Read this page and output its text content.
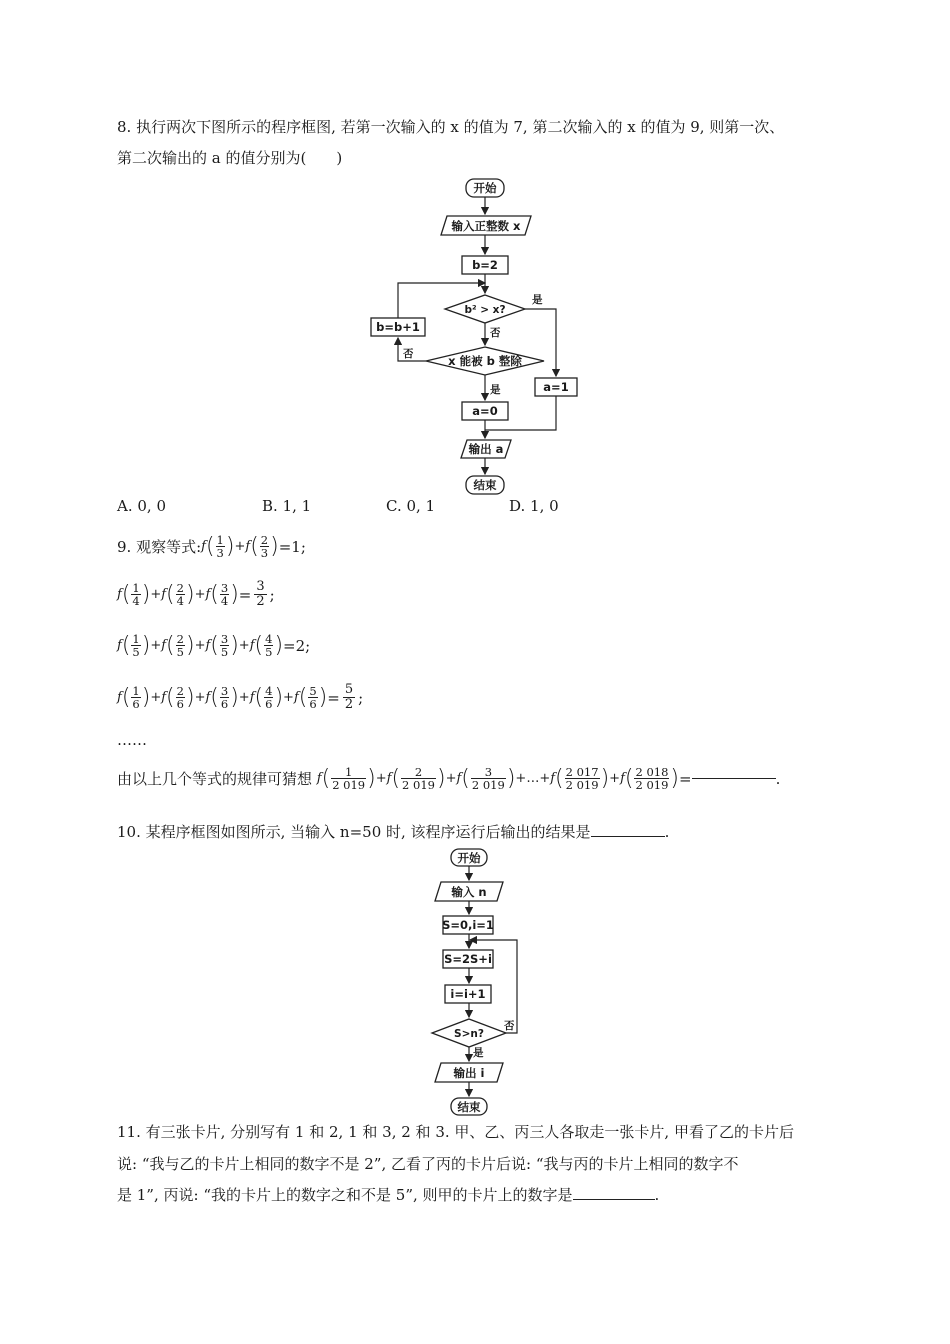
8. 执行两次下图所示的程序框图, 若第一次输入的 x 的值为 7, 第二次输入的 x 的值为 9, 则第一次、
第二次输出的 a 的值分别为(　　)
开始
输入正整数 x
b=2
b² > x?
是
否
x 能被 b 整除
否
b=b+1
是
a=0
a=1
输出 a
结束
A. 0, 0	B. 1, 1	C. 0, 1	D. 1, 0
9. 观察等式: f ( $\frac{1}{3}$ ) + f ( $\frac{2}{3}$ ) =1;
f ( $\frac{1}{4}$ ) + f ( $\frac{2}{4}$ ) + f ( $\frac{3}{4}$ ) = $\frac{3}{2}$ ;
f ( $\frac{1}{5}$ ) + f ( $\frac{2}{5}$ ) + f ( $\frac{3}{5}$ ) + f ( $\frac{4}{5}$ ) =2;
f ( $\frac{1}{6}$ ) + f ( $\frac{2}{6}$ ) + f ( $\frac{3}{6}$ ) + f ( $\frac{4}{6}$ ) + f ( $\frac{5}{6}$ ) = $\frac{5}{2}$ ;
……
由以上几个等式的规律可猜想
f ( $\frac{1}{2 019}$ ) + f ( $\frac{2}{2 019}$ ) + f ( $\frac{3}{2 019}$ ) +…+ f ( $\frac{2 017}{2 019}$ ) + f ( $\frac{2 018}{2 019}$ ) =	.
10. 某程序框图如图所示, 当输入 n=50 时, 该程序运行后输出的结果是	.
开始
输入 n
S=0,i=1
S=2S+i
i=i+1
S>n?
否
是
输出 i
结束
11. 有三张卡片, 分别写有 1 和 2, 1 和 3, 2 和 3. 甲、乙、丙三人各取走一张卡片, 甲看了乙的卡片后
说: “我与乙的卡片上相同的数字不是 2”, 乙看了丙的卡片后说: “我与丙的卡片上相同的数字不
是 1”, 丙说: “我的卡片上的数字之和不是 5”, 则甲的卡片上的数字是	.
